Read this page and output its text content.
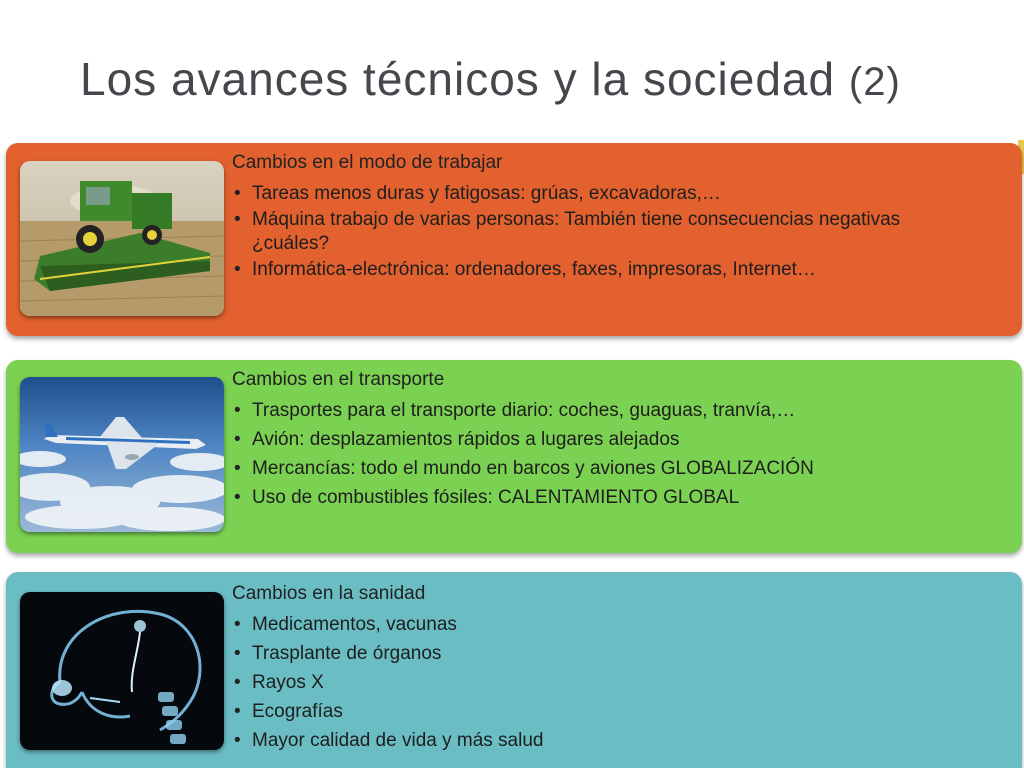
Los avances técnicos y la sociedad (2)
Cambios en el modo de trabajar
• Tareas menos duras y fatigosas: grúas, excavadoras,…
• Máquina trabajo de varias personas: También tiene consecuencias negativas ¿cuáles?
• Informática-electrónica: ordenadores, faxes, impresoras, Internet…
Cambios en el transporte
• Trasportes para el transporte diario: coches, guaguas, tranvía,…
• Avión: desplazamientos rápidos a lugares alejados
• Mercancías: todo el mundo en barcos y aviones GLOBALIZACIÓN
• Uso de combustibles fósiles: CALENTAMIENTO GLOBAL
Cambios en la sanidad
• Medicamentos, vacunas
• Trasplante de órganos
• Rayos X
• Ecografías
• Mayor calidad de vida y más salud
